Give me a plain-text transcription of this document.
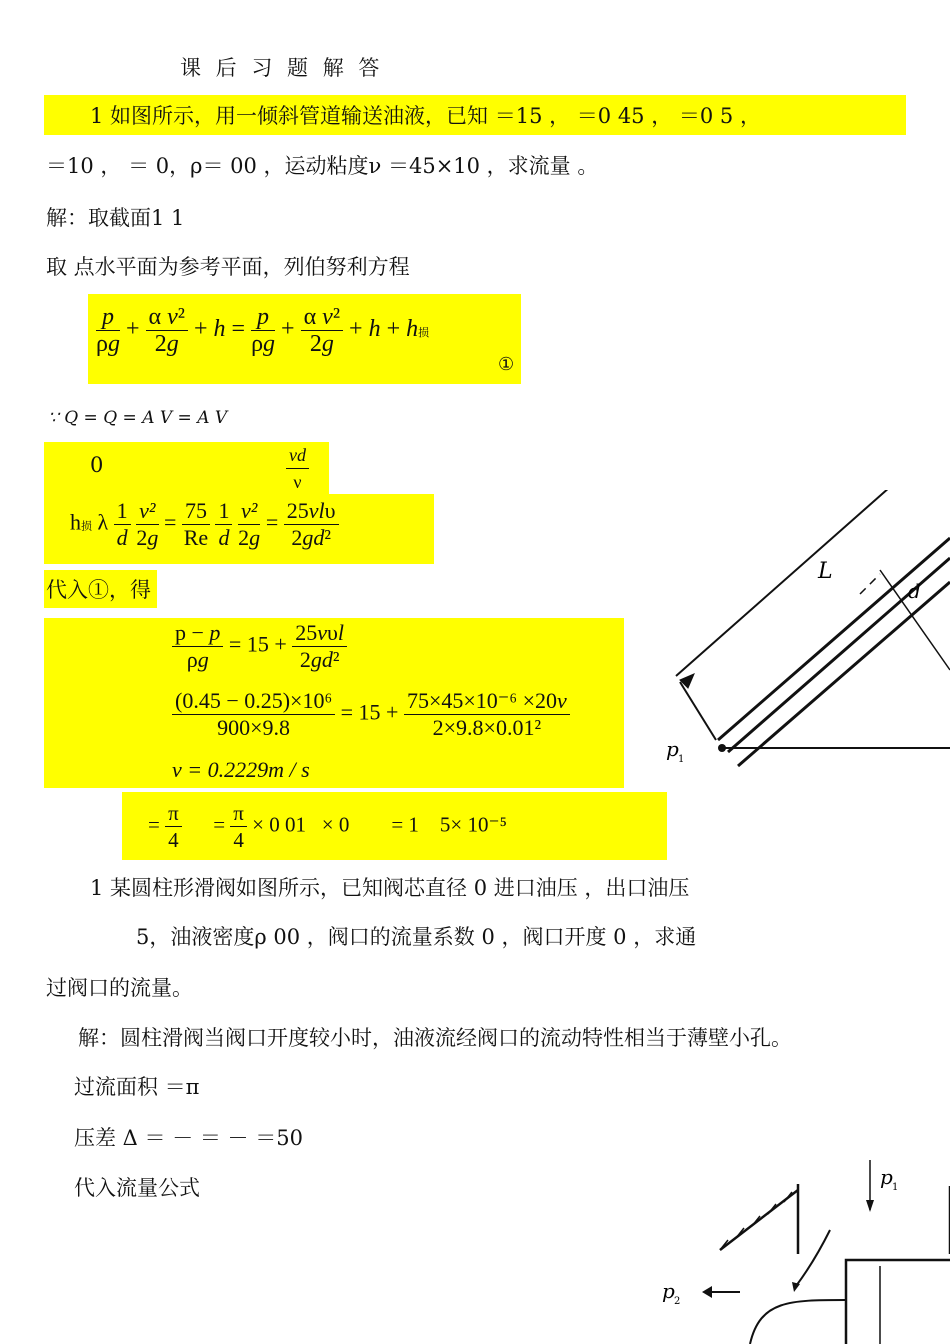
课 后 习 题 解 答
1 如图所示，用一倾斜管道输送油液，已知 ＝15 ， ＝0 45 ， ＝0 5 ，
＝10 ， ＝ 0，ρ＝ 00 ，运动粘度ν ＝45×10 ，求流量 。
解：取截面1 1
取 点水平面为参考平面，列伯努利方程
$\frac{p}{\rho g} + \frac{\text{α v²}}{2g} + h = \frac{p}{\rho g} + \frac{\text{α v²}}{2g} + h + h$损
①
∵ Q = Q = A V = A V
0	$\frac{vd}{\nu}$
h损 λ $\frac{1}{d}$
$\frac{\text{v²}}{2g} = \frac{75}{Re}$
$\frac{1}{d}$
$\frac{\text{v²}}{2g} = \frac{\text{25vlυ}}{\text{2gd²}}$
代入①，得
$\frac{p - p}{\rho g} = 15 + \frac{\text{25vυl}}{\text{2gd²}}$
$\frac{\text{(0.45 − 0.25)×10⁶}}{900\times 9.8} = 15 + \frac{\text{75×45×10⁻⁶ ×20v}}{\text{2×9.8×0.01²}}$
v = 0.2229m / s
= $\frac{\pi}{4} = \frac{\pi}{4} \times 0$ 01   × 0        = 1    5× 10⁻⁵
L
d
p 1
1 某圆柱形滑阀如图所示，已知阀芯直径 0 进口油压 ，出口油压
5，油液密度ρ 00 ，阀口的流量系数 0 ，阀口开度 0 ，求通
过阀口的流量。
解：圆柱滑阀当阀口开度较小时，油液流经阀口的流动特性相当于薄壁小孔。
过流面积 ＝π
压差 Δ ＝ － ＝ － ＝50
代入流量公式	p 1
p 2
